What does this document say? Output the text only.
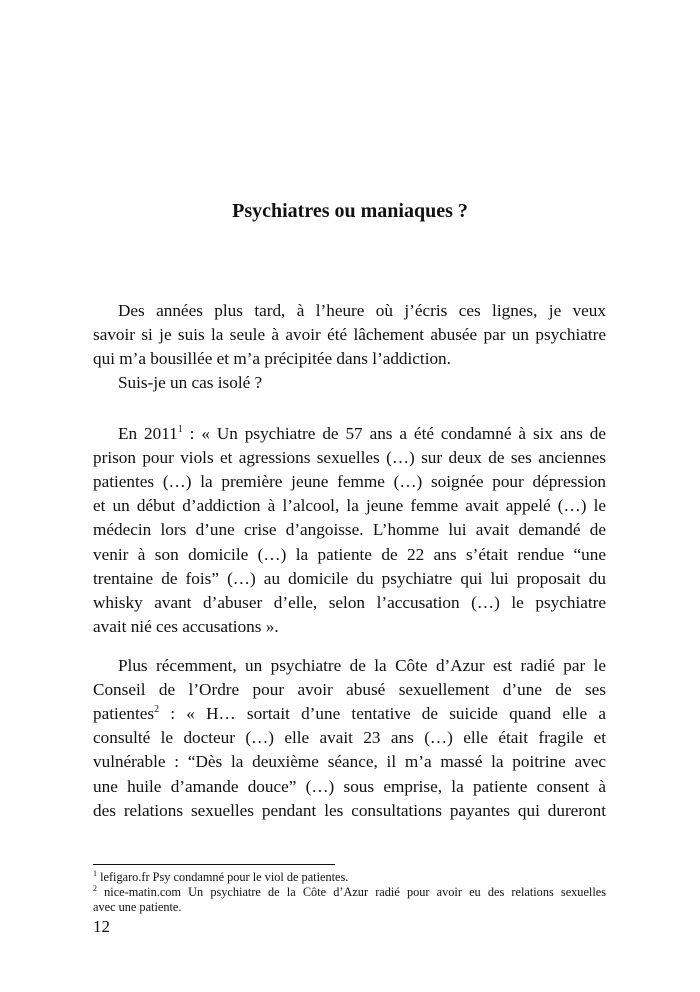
Psychiatres ou maniaques ?
Des années plus tard, à l’heure où j’écris ces lignes, je veux
savoir si je suis la seule à avoir été lâchement abusée par un psychiatre
qui m’a bousillée et m’a précipitée dans l’addiction.
Suis-je un cas isolé ?
En 2011$^1$ : « Un psychiatre de 57 ans a été condamné à six ans de
prison pour viols et agressions sexuelles (…) sur deux de ses anciennes
patientes (…) la première jeune femme (…) soignée pour dépression
et un début d’addiction à l’alcool, la jeune femme avait appelé (…) le
médecin lors d’une crise d’angoisse. L’homme lui avait demandé de
venir à son domicile (…) la patiente de 22 ans s’était rendue “une
trentaine de fois” (…) au domicile du psychiatre qui lui proposait du
whisky avant d’abuser d’elle, selon l’accusation (…) le psychiatre
avait nié ces accusations ».
Plus récemment, un psychiatre de la Côte d’Azur est radié par le
Conseil de l’Ordre pour avoir abusé sexuellement d’une de ses
patientes$^2$ : « H… sortait d’une tentative de suicide quand elle a
consulté le docteur (…) elle avait 23 ans (…) elle était fragile et
vulnérable : “Dès la deuxième séance, il m’a massé la poitrine avec
une huile d’amande douce” (…) sous emprise, la patiente consent à
des relations sexuelles pendant les consultations payantes qui dureront
$^1$ lefigaro.fr Psy condamné pour le viol de patientes.
$^2$ nice-matin.com Un psychiatre de la Côte d’Azur radié pour avoir eu des relations sexuelles
avec une patiente.
12
